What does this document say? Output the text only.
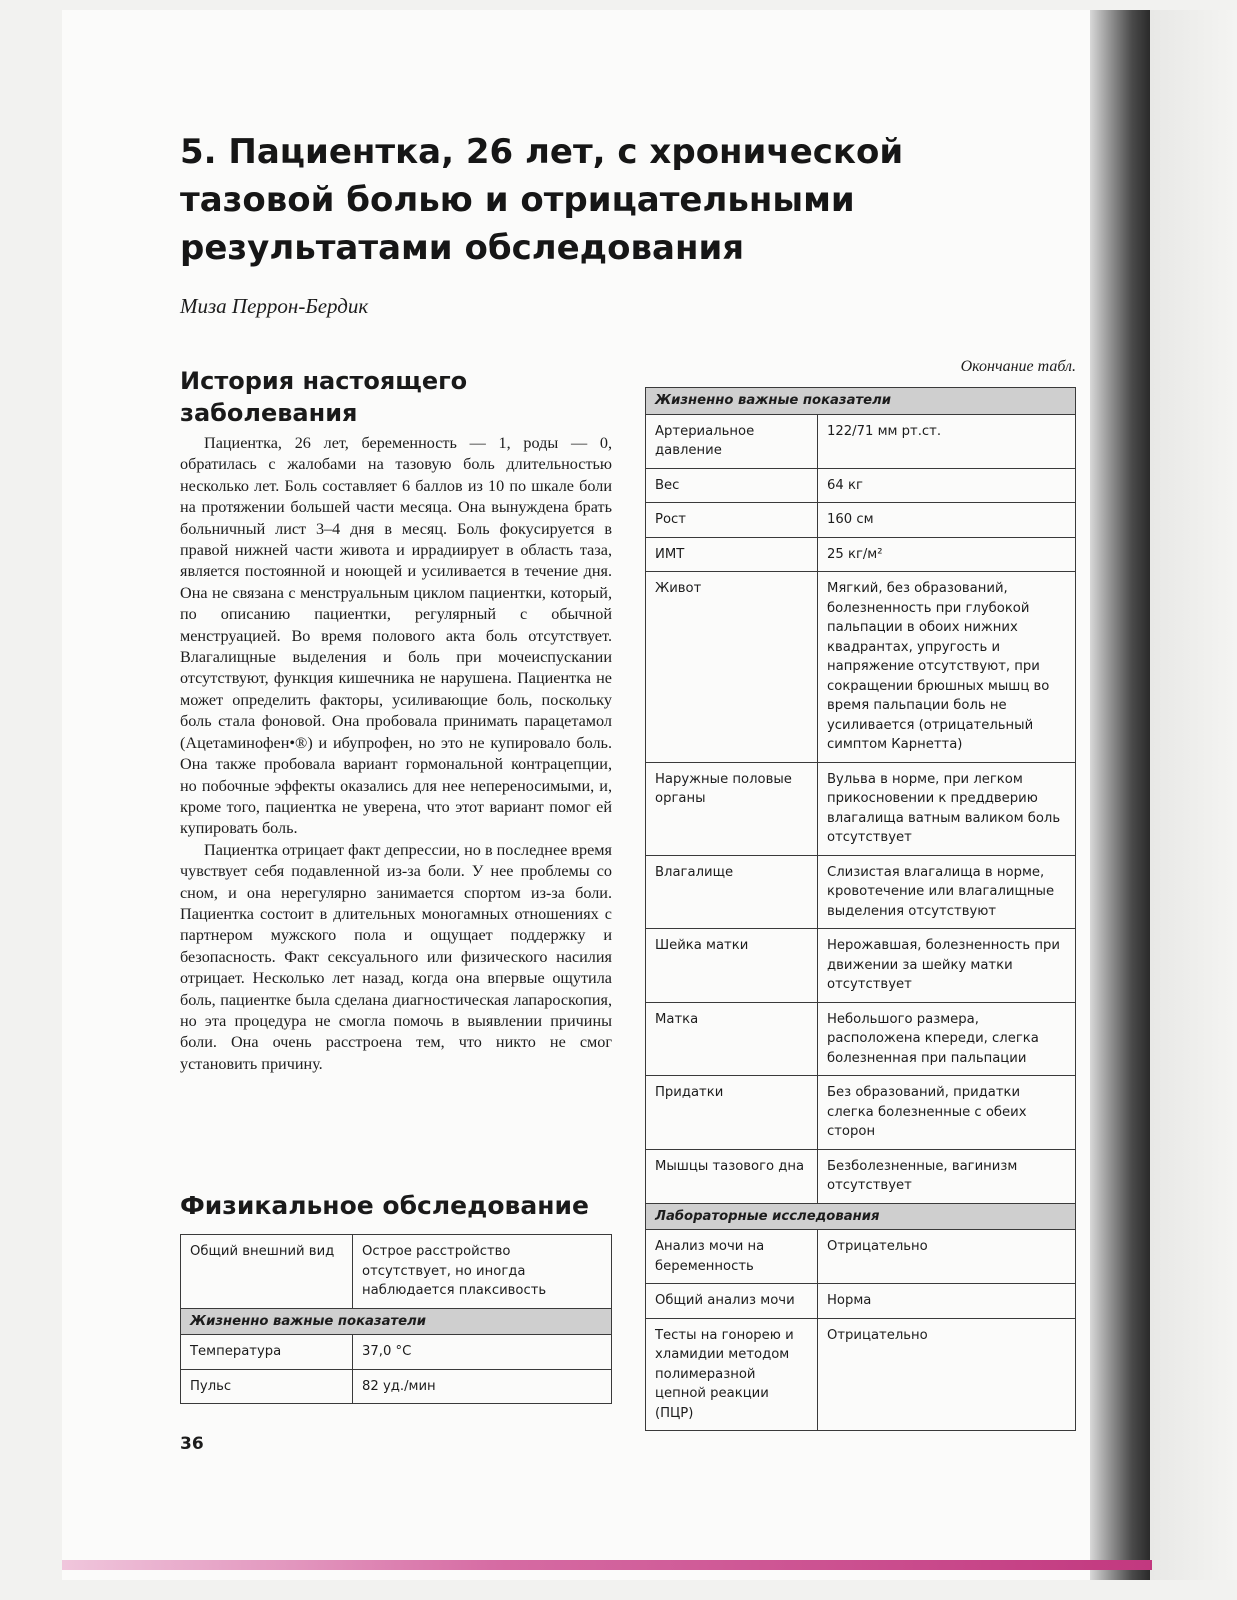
5. Пациентка, 26 лет, с хронической тазовой болью и отрицательными результатами обследования

Миза Перрон-Бердик

История настоящего заболевания

Пациентка, 26 лет, беременность — 1, роды — 0, обратилась с жалобами на тазовую боль длительностью несколько лет. Боль составляет 6 баллов из 10 по шкале боли на протяжении большей части месяца. Она вынуждена брать больничный лист 3–4 дня в месяц. Боль фокусируется в правой нижней части живота и иррадиирует в область таза, является постоянной и ноющей и усиливается в течение дня. Она не связана с менструальным циклом пациентки, который, по описанию пациентки, регулярный с обычной менструацией. Во время полового акта боль отсутствует. Влагалищные выделения и боль при мочеиспускании отсутствуют, функция кишечника не нарушена. Пациентка не может определить факторы, усиливающие боль, поскольку боль стала фоновой. Она пробовала принимать парацетамол (Ацетаминофен•®) и ибупрофен, но это не купировало боль. Она также пробовала вариант гормональной контрацепции, но побочные эффекты оказались для нее непереносимыми, и, кроме того, пациентка не уверена, что этот вариант помог ей купировать боль.

Пациентка отрицает факт депрессии, но в последнее время чувствует себя подавленной из-за боли. У нее проблемы со сном, и она нерегулярно занимается спортом из-за боли. Пациентка состоит в длительных моногамных отношениях с партнером мужского пола и ощущает поддержку и безопасность. Факт сексуального или физического насилия отрицает. Несколько лет назад, когда она впервые ощутила боль, пациентке была сделана диагностическая лапароскопия, но эта процедура не смогла помочь в выявлении причины боли. Она очень расстроена тем, что никто не смог установить причину.

Физикальное обследование
Общий внешний вид	Острое расстройство отсутствует, но иногда наблюдается плаксивость
Жизненно важные показатели	
Температура	37,0 °C
Пульс	82 уд./мин
Окончание табл.
Жизненно важные показатели	
Артериальное давление	122/71 мм рт.ст.
Вес	64 кг
Рост	160 см
ИМТ	25 кг/м²
Живот	Мягкий, без образований, болезненность при глубокой пальпации в обоих нижних квадрантах, упругость и напряжение отсутствуют, при сокращении брюшных мышц во время пальпации боль не усиливается (отрицательный симптом Карнетта)
Наружные половые органы	Вульва в норме, при легком прикосновении к преддверию влагалища ватным валиком боль отсутствует
Влагалище	Слизистая влагалища в норме, кровотечение или влагалищные выделения отсутствуют
Шейка матки	Нерожавшая, болезненность при движении за шейку матки отсутствует
Матка	Небольшого размера, расположена кпереди, слегка болезненная при пальпации
Придатки	Без образований, придатки слегка болезненные с обеих сторон
Мышцы тазового дна	Безболезненные, вагинизм отсутствует
Лабораторные исследования	
Анализ мочи на беременность	Отрицательно
Общий анализ мочи	Норма
Тесты на гонорею и хламидии методом полимеразной цепной реакции (ПЦР)	Отрицательно
36
